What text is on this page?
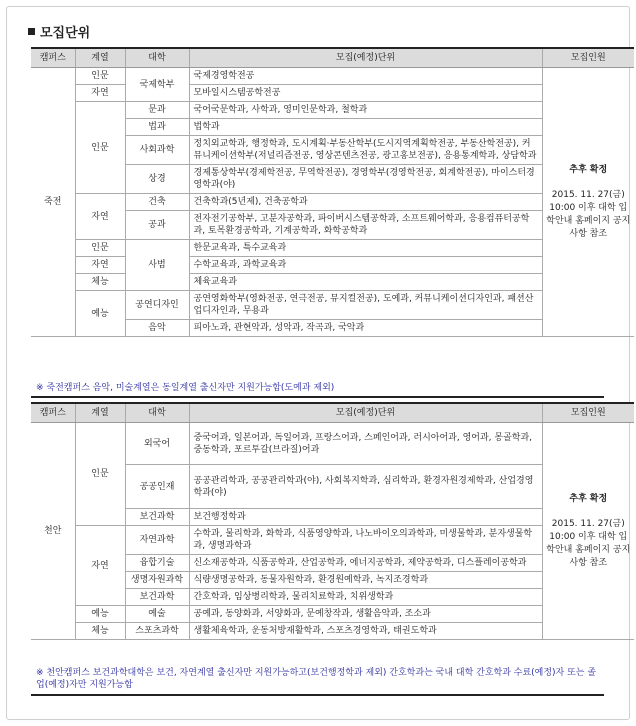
모집단위
캠퍼스	계열	대학	모집(예정)단위	모집인원
죽전	인문	국제학부	국제경영학전공	추후 확정
2015. 11. 27(금) 10:00 이후 대학 입학안내 홈페이지 공지사항 참조

	자연		모바일시스템공학전공	
	인문	문과	국어국문학과, 사학과, 영미인문학과, 철학과	
		법과	법학과	
		사회과학	정치외교학과, 행정학과, 도시계획·부동산학부(도시지역계획학전공, 부동산학전공), 커뮤니케이션학부(저널리즘전공, 영상콘텐츠전공, 광고홍보전공), 응용통계학과, 상담학과	
		상경	경제통상학부(경제학전공, 무역학전공), 경영학부(경영학전공, 회계학전공), 마이스터경영학과(야)	
	자연	건축	건축학과(5년제), 건축공학과	
		공과	전자전기공학부, 고분자공학과, 파이버시스템공학과, 소프트웨어학과, 응용컴퓨터공학과, 토목환경공학과, 기계공학과, 화학공학과	
	인문	사범	한문교육과, 특수교육과	
	자연		수학교육과, 과학교육과	
	체능		체육교육과	
	예능	공연디자인	공연영화학부(영화전공, 연극전공, 뮤지컬전공), 도예과, 커뮤니케이션디자인과, 패션산업디자인과, 무용과	
		음악	피아노과, 관현악과, 성악과, 작곡과, 국악과	
※ 죽전캠퍼스 음악, 미술계열은 동일계열 출신자만 지원가능함(도예과 제외)
캠퍼스	계열	대학	모집(예정)단위	모집인원
천안	인문	외국어	중국어과, 일본어과, 독일어과, 프랑스어과, 스페인어과, 러시아어과, 영어과, 몽골학과, 중동학과, 포르투갈(브라질)어과	추후 확정
2015. 11. 27(금) 10:00 이후 대학 입학안내 홈페이지 공지사항 참조

		공공인재	공공관리학과, 공공관리학과(야), 사회복지학과, 심리학과, 환경자원경제학과, 산업경영학과(야)	
		보건과학	보건행정학과	
	자연	자연과학	수학과, 물리학과, 화학과, 식품영양학과, 나노바이오의과학과, 미생물학과, 분자생물학과, 생명과학과	
		융합기술	신소재공학과, 식품공학과, 산업공학과, 에너지공학과, 제약공학과, 디스플레이공학과	
		생명자원과학	식량생명공학과, 동물자원학과, 환경원예학과, 녹지조경학과	
		보건과학	간호학과, 임상병리학과, 물리치료학과, 치위생학과	
	예능	예술	공예과, 동양화과, 서양화과, 문예창작과, 생활음악과, 조소과	
	체능	스포츠과학	생활체육학과, 운동처방재활학과, 스포츠경영학과, 태권도학과	
※ 천안캠퍼스 보건과학대학은 보건, 자연계열 출신자만 지원가능하고(보건행정학과 제외) 간호학과는 국내 대학 간호학과 수료(예정)자 또는 졸업(예정)자만 지원가능함
